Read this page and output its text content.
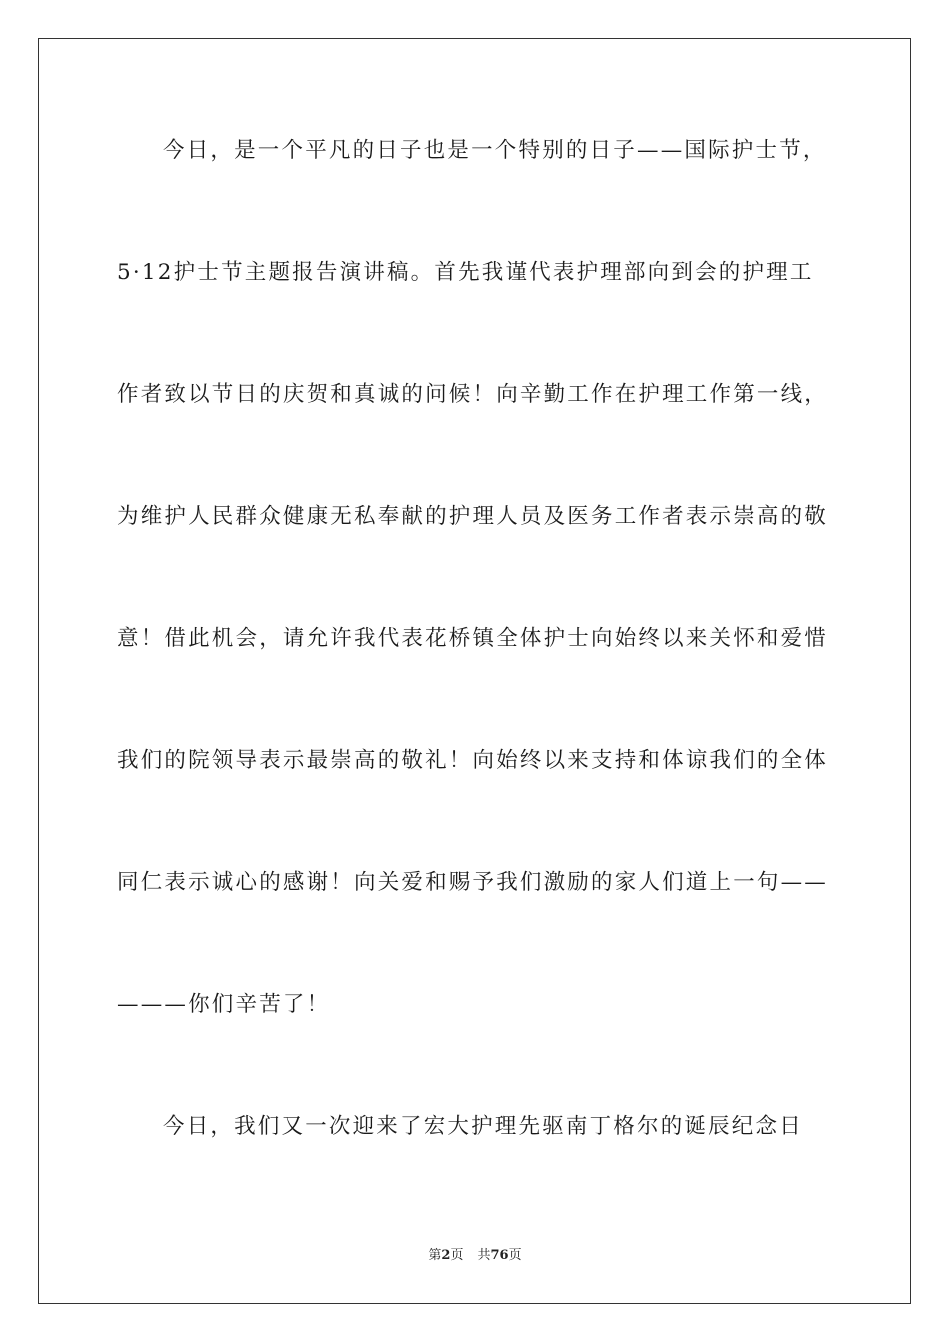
今日，是一个平凡的日子也是一个特别的日子——国际护士节，
5·12护士节主题报告演讲稿。首先我谨代表护理部向到会的护理工
作者致以节日的庆贺和真诚的问候！向辛勤工作在护理工作第一线，
为维护人民群众健康无私奉献的护理人员及医务工作者表示崇高的敬
意！借此机会，请允许我代表花桥镇全体护士向始终以来关怀和爱惜
我们的院领导表示最崇高的敬礼！向始终以来支持和体谅我们的全体
同仁表示诚心的感谢！向关爱和赐予我们激励的家人们道上一句——
———你们辛苦了！
今日，我们又一次迎来了宏大护理先驱南丁格尔的诞辰纪念日
第2页 共76页
